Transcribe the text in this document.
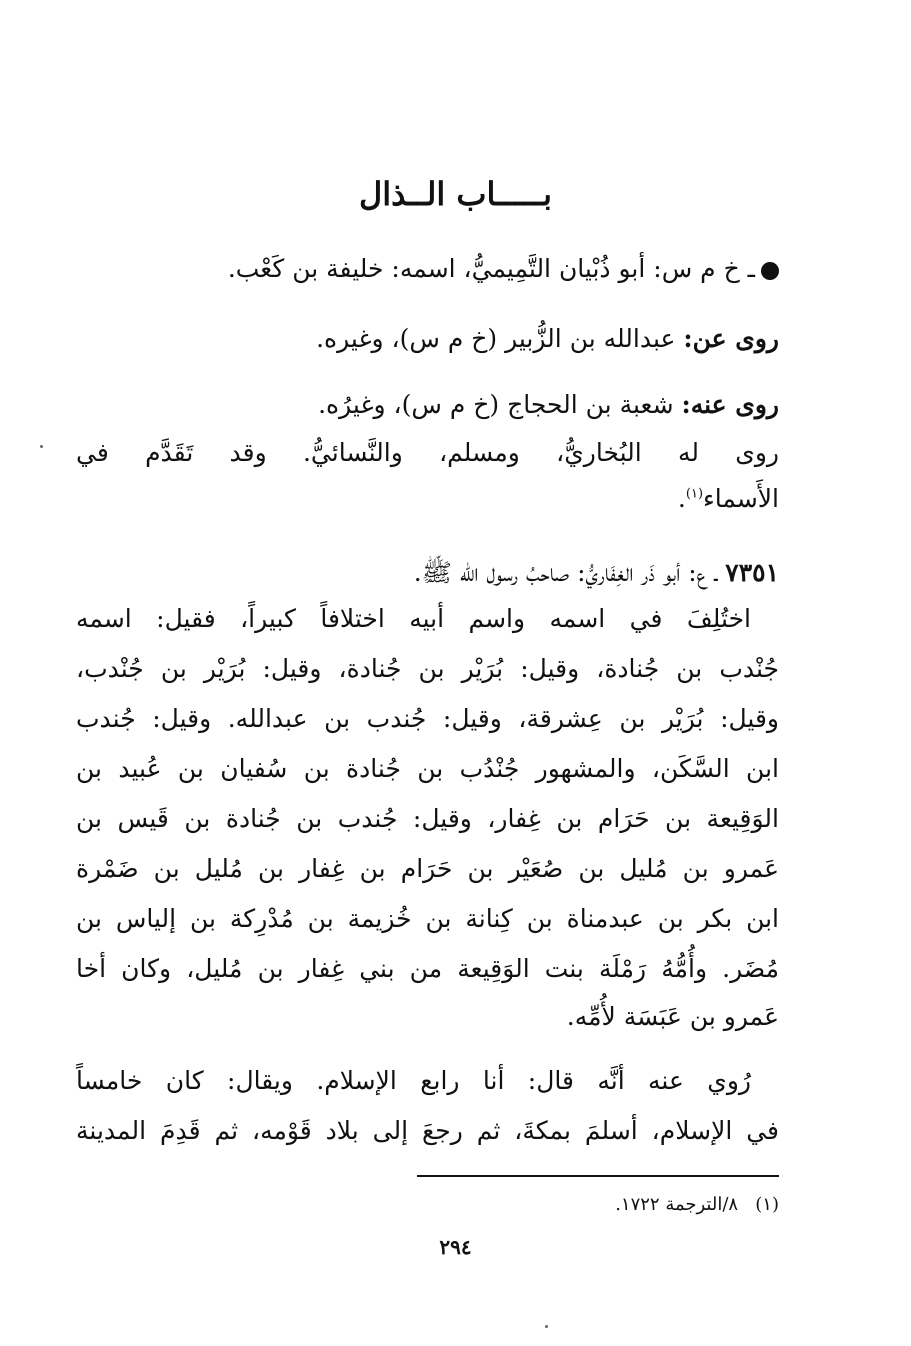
بـــــاب الــذال
ـ خ م س: أبو ذُبْيان التَّمِيميُّ، اسمه: خليفة بن كَعْب.
روى عن: عبدالله بن الزُّبير (خ م س)، وغيره.
روى عنه: شعبة بن الحجاج (خ م س)، وغيرُه.
روى له البُخاريُّ، ومسلم، والنَّسائيُّ. وقد تَقَدَّم في
الأَسماء$^{(١)}$.
٧٣٥١ ـ ع: أبو ذَر الغِفَاريُّ: صاحبُ رسول الله ﷺ.
اختُلِفَ في اسمه واسم أبيه اختلافاً كبيراً، فقيل: اسمه
جُنْدب بن جُنادة، وقيل: بُرَيْر بن جُنادة، وقيل: بُرَيْر بن جُنْدب،
وقيل: بُرَيْر بن عِشرقة، وقيل: جُندب بن عبدالله. وقيل: جُندب
ابن السَّكَن، والمشهور جُنْدُب بن جُنادة بن سُفيان بن عُبيد بن
الوَقِيعة بن حَرَام بن غِفار، وقيل: جُندب بن جُنادة بن قَيس بن
عَمرو بن مُليل بن صُعَيْر بن حَرَام بن غِفار بن مُليل بن ضَمْرة
ابن بكر بن عبدمناة بن كِنانة بن خُزيمة بن مُدْرِكة بن إلياس بن
مُضَر. وأُمُّهُ رَمْلَة بنت الوَقِيعة من بني غِفار بن مُليل، وكان أخا
عَمرو بن عَبَسَة لأُمِّه.
رُوي عنه أنَّه قال: أنا رابع الإسلام. ويقال: كان خامساً
في الإسلام، أسلمَ بمكةَ، ثم رجعَ إلى بلاد قَوْمه، ثم قَدِمَ المدينة
(١)   ٨/الترجمة ١٧٢٢.
٢٩٤
